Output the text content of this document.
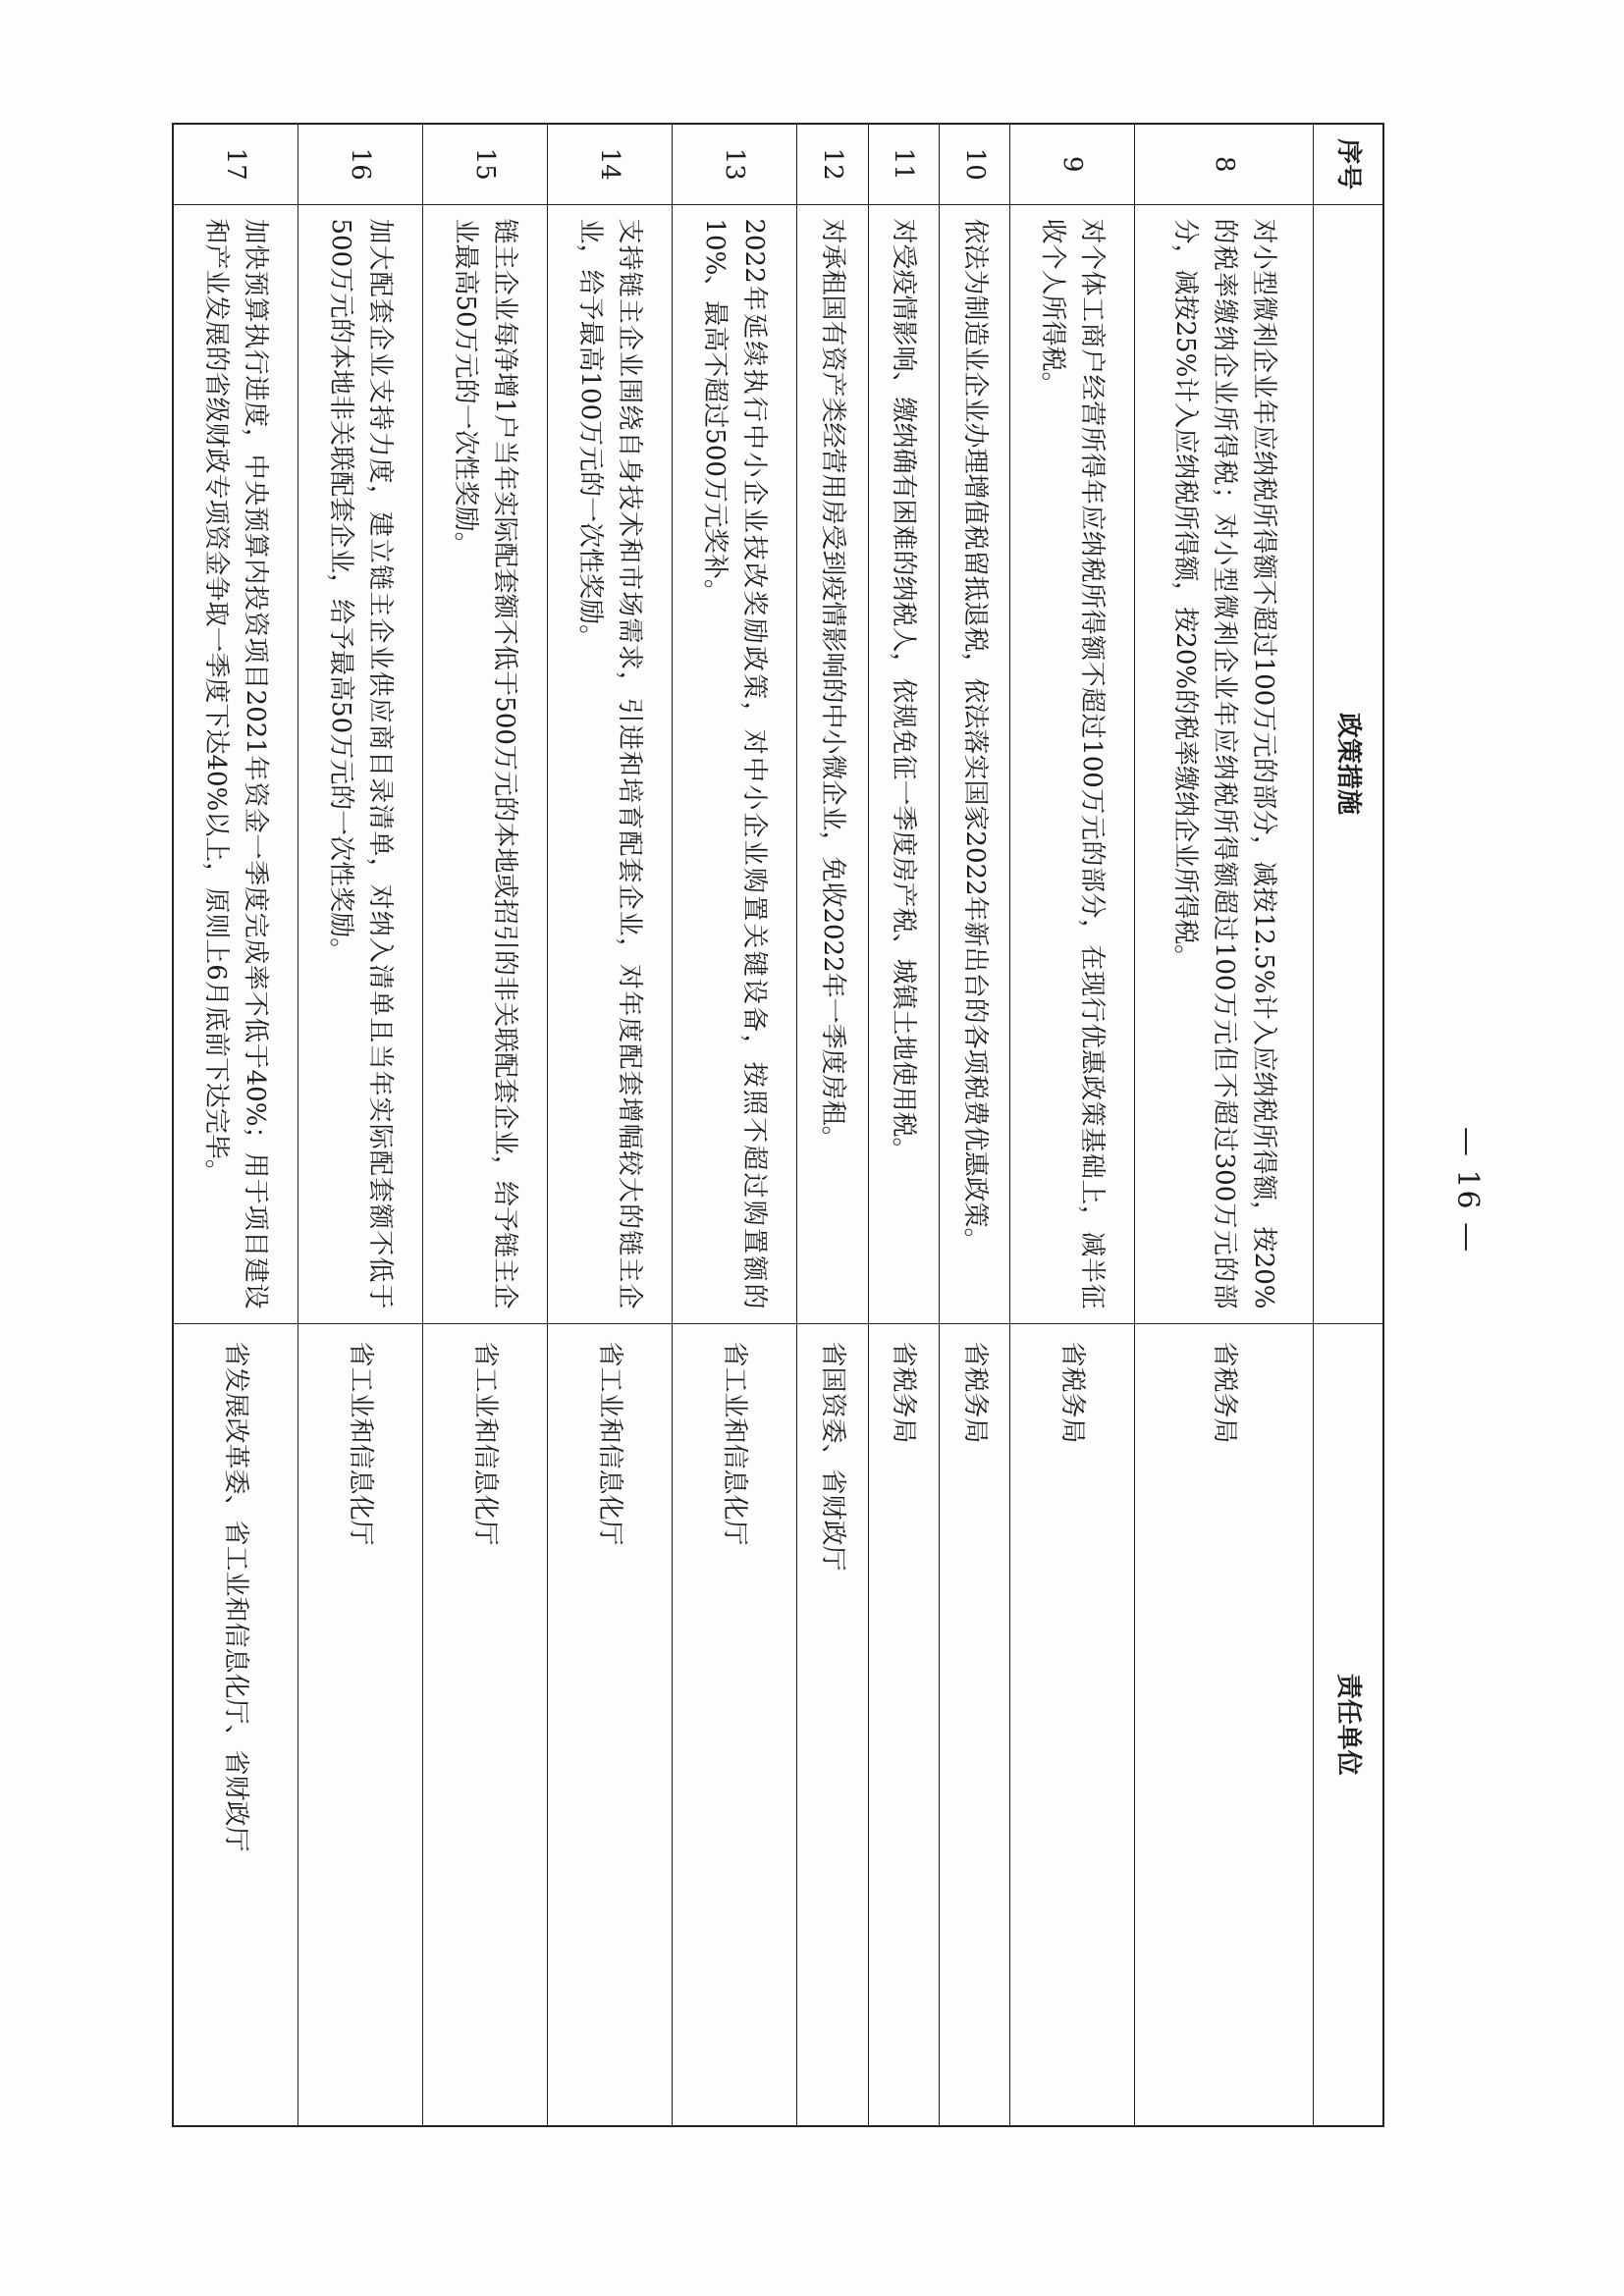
序号	政策措施	责任单位
8	对小型微利企业年应纳税所得额不超过100万元的部分，减按12.5%计入应纳税所得额，按20%的税率缴纳企业所得税；对小型微利企业年应纳税所得额超过100万元但不超过300万元的部分，减按25%计入应纳税所得额，按20%的税率缴纳企业所得税。	省税务局
9	对个体工商户经营所得年应纳税所得额不超过100万元的部分，在现行优惠政策基础上，减半征收个人所得税。	省税务局
10	依法为制造业企业办理增值税留抵退税，依法落实国家2022年新出台的各项税费优惠政策。	省税务局
11	对受疫情影响、缴纳确有困难的纳税人，依规免征一季度房产税、城镇土地使用税。	省税务局
12	对承租国有资产类经营用房受到疫情影响的中小微企业，免收2022年一季度房租。	省国资委、省财政厅
13	2022年延续执行中小企业技改奖励政策，对中小企业购置关键设备，按照不超过购置额的10%、最高不超过500万元奖补。	省工业和信息化厅
14	支持链主企业围绕自身技术和市场需求，引进和培育配套企业，对年度配套增幅较大的链主企业，给予最高100万元的一次性奖励。	省工业和信息化厅
15	链主企业每净增1户当年实际配套额不低于500万元的本地或招引的非关联配套企业，给予链主企业最高50万元的一次性奖励。	省工业和信息化厅
16	加大配套企业支持力度，建立链主企业供应商目录清单，对纳入清单且当年实际配套额不低于500万元的本地非关联配套企业，给予最高50万元的一次性奖励。	省工业和信息化厅
17	加快预算执行进度，中央预算内投资项目2021年资金一季度完成率不低于40%；用于项目建设和产业发展的省级财政专项资金争取一季度下达40%以上，原则上6月底前下达完毕。	省发展改革委、省工业和信息化厅、省财政厅
— 16 —
